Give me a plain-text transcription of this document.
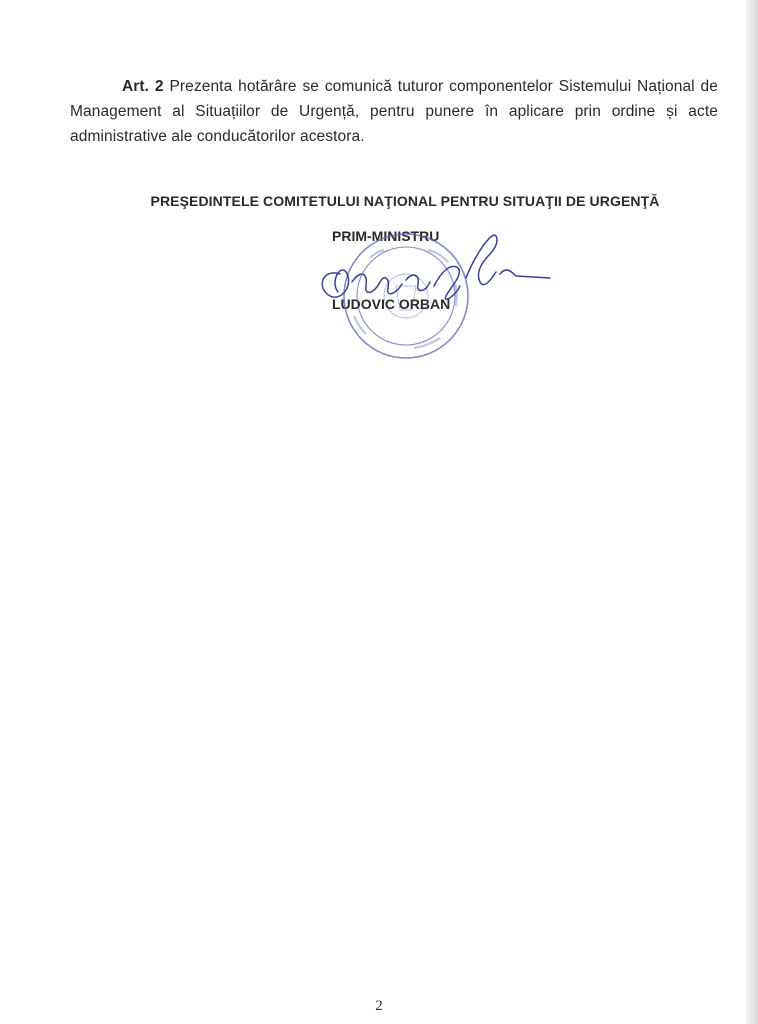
Art. 2 Prezenta hotărâre se comunică tuturor componentelor Sistemului Național de Management al Situațiilor de Urgență, pentru punere în aplicare prin ordine și acte administrative ale conducătorilor acestora.
PREŞEDINTELE COMITETULUI NAŢIONAL PENTRU SITUAŢII DE URGENŢĂ
PRIM-MINISTRU
LUDOVIC ORBAN
2
